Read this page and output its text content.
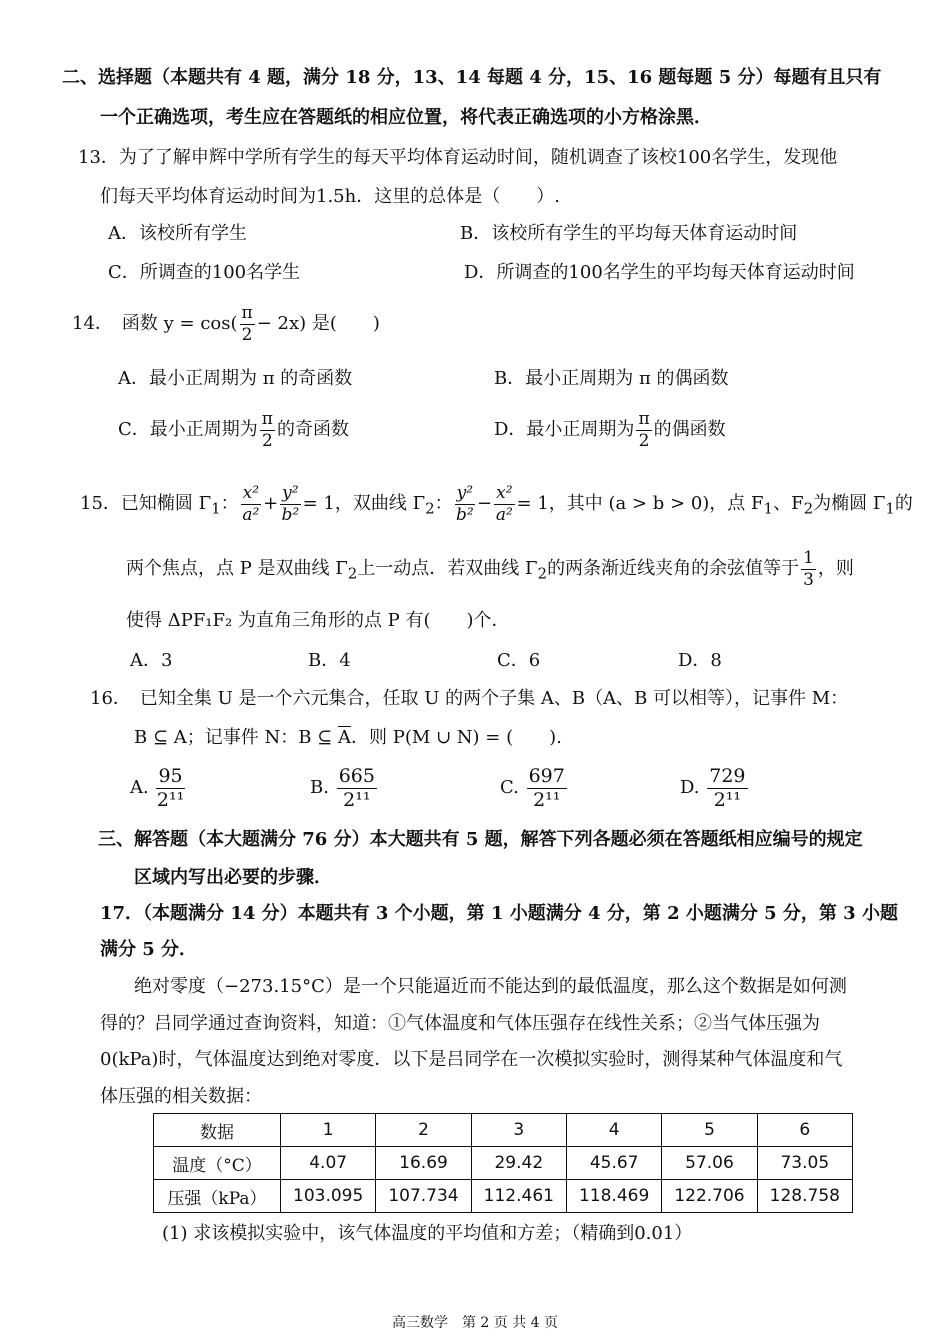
二、选择题（本题共有 4 题，满分 18 分，13、14 每题 4 分，15、16 题每题 5 分）每题有且只有
一个正确选项，考生应在答题纸的相应位置，将代表正确选项的小方格涂黑．
13．为了了解申辉中学所有学生的每天平均体育运动时间，随机调查了该校100名学生，发现他
们每天平均体育运动时间为1.5h．这里的总体是（　　）.
A．该校所有学生	B．该校所有学生的平均每天体育运动时间
C．所调查的100名学生	D．所调查的100名学生的平均每天体育运动时间
14．　函数 $y = \cos( \frac{\pi}{2} - 2x)$ 是(　　)
A．最小正周期为 π 的奇函数	B．最小正周期为 π 的偶函数
C．最小正周期为 $\frac{\pi}{2}$ 的奇函数	D．最小正周期为 $\frac{\pi}{2}$ 的偶函数
15．已知椭圆 $\Gamma_1$： $\frac{\text{x²}}{\text{a²}} + \frac{\text{y²}}{\text{b²}} = 1$，双曲线 $\Gamma_2$： $\frac{\text{y²}}{\text{b²}} - \frac{\text{x²}}{\text{a²}} = 1$，其中 (a > b > 0)，点 $F_1$、$F_2$为椭圆 $\Gamma_1$的
两个焦点，点 P 是双曲线 $\Gamma_2$上一动点．若双曲线 $\Gamma_2$的两条渐近线夹角的余弦值等于 $\frac{1}{3}$ ，则
使得 ΔPF₁F₂ 为直角三角形的点 P 有(　　)个．
A．3	B．4	C．6	D．8
16．　已知全集 U 是一个六元集合，任取 U 的两个子集 A、B（A、B 可以相等），记事件 M：
B ⊆ A；记事件 N：B ⊆ $\overline{A}$．则 P(M ∪ N) = (　　).
A. $\frac{95}{\text{2¹¹}}$	B. $\frac{665}{\text{2¹¹}}$	C. $\frac{697}{\text{2¹¹}}$	D. $\frac{729}{\text{2¹¹}}$
三、解答题（本大题满分 76 分）本大题共有 5 题，解答下列各题必须在答题纸相应编号的规定
区域内写出必要的步骤．
17．（本题满分 14 分）本题共有 3 个小题，第 1 小题满分 4 分，第 2 小题满分 5 分，第 3 小题
满分 5 分．
绝对零度（−273.15°C）是一个只能逼近而不能达到的最低温度，那么这个数据是如何测
得的？吕同学通过查询资料，知道：①气体温度和气体压强存在线性关系；②当气体压强为
0(kPa)时，气体温度达到绝对零度．以下是吕同学在一次模拟实验时，测得某种气体温度和气
体压强的相关数据：
数据	1	2	3	4	5	6
温度（°C）	4.07	16.69	29.42	45.67	57.06	73.05
压强（kPa）	103.095	107.734	112.461	118.469	122.706	128.758
(1) 求该模拟实验中，该气体温度的平均值和方差；（精确到0.01）
高三数学　第 2 页 共 4 页
